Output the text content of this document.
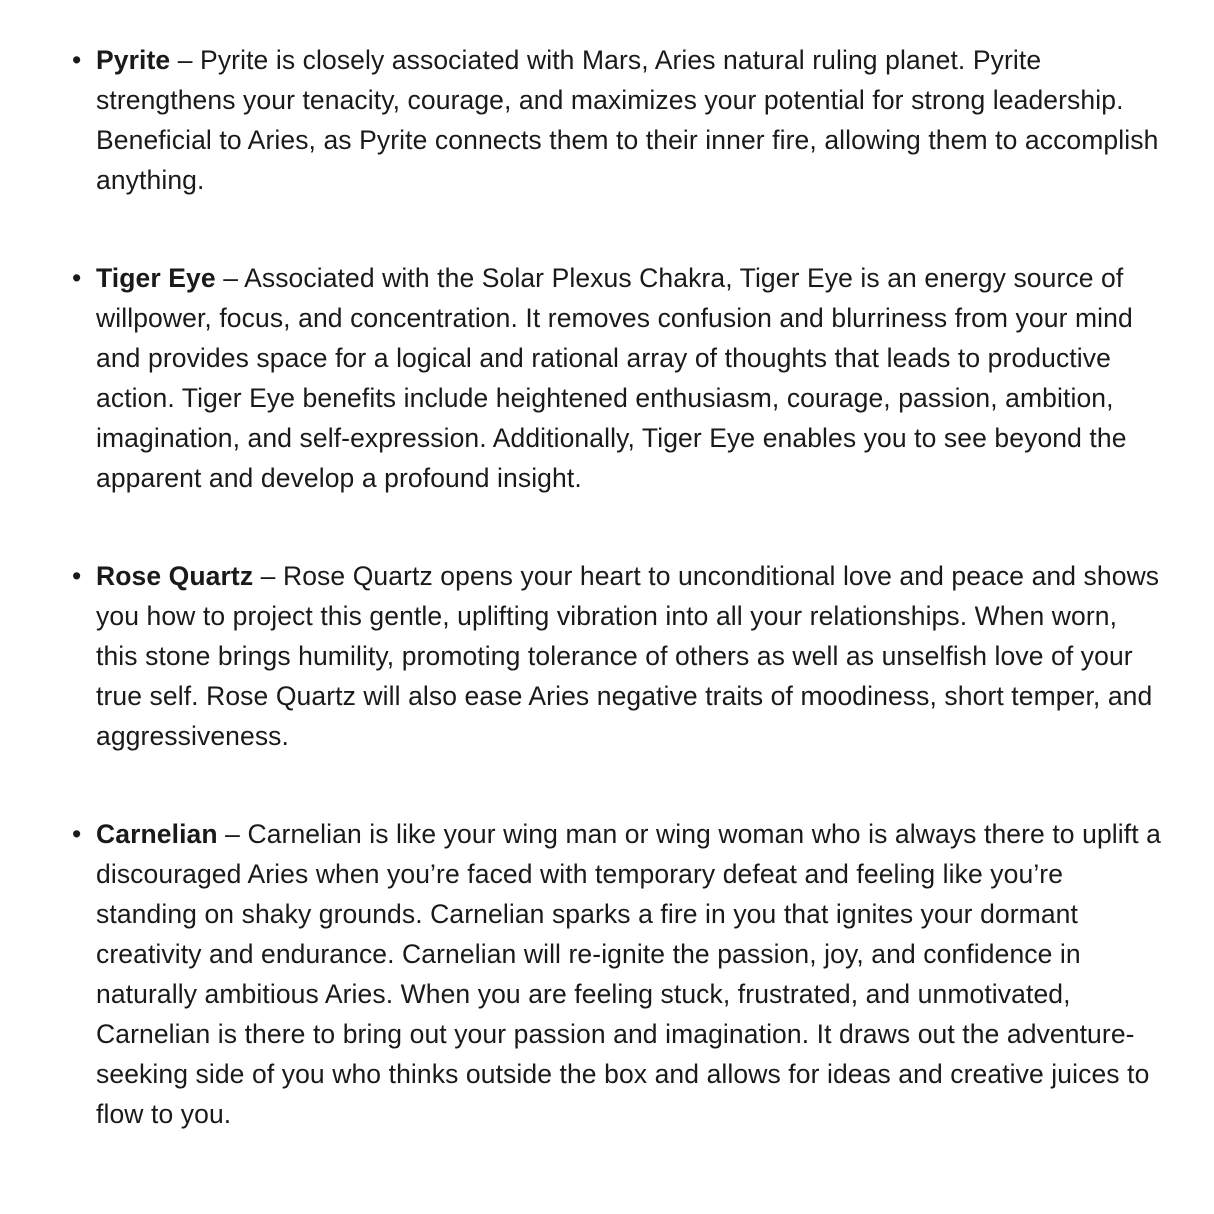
• Pyrite – Pyrite is closely associated with Mars, Aries natural ruling planet. Pyrite strengthens your tenacity, courage, and maximizes your potential for strong leadership. Beneficial to Aries, as Pyrite connects them to their inner fire, allowing them to accomplish anything.
• Tiger Eye – Associated with the Solar Plexus Chakra, Tiger Eye is an energy source of willpower, focus, and concentration. It removes confusion and blurriness from your mind and provides space for a logical and rational array of thoughts that leads to productive action. Tiger Eye benefits include heightened enthusiasm, courage, passion, ambition, imagination, and self-expression. Additionally, Tiger Eye enables you to see beyond the apparent and develop a profound insight.
• Rose Quartz – Rose Quartz opens your heart to unconditional love and peace and shows you how to project this gentle, uplifting vibration into all your relationships. When worn, this stone brings humility, promoting tolerance of others as well as unselfish love of your true self. Rose Quartz will also ease Aries negative traits of moodiness, short temper, and aggressiveness.
• Carnelian – Carnelian is like your wing man or wing woman who is always there to uplift a discouraged Aries when you’re faced with temporary defeat and feeling like you’re standing on shaky grounds. Carnelian sparks a fire in you that ignites your dormant creativity and endurance. Carnelian will re-ignite the passion, joy, and confidence in naturally ambitious Aries. When you are feeling stuck, frustrated, and unmotivated, Carnelian is there to bring out your passion and imagination. It draws out the adventure-seeking side of you who thinks outside the box and allows for ideas and creative juices to flow to you.
